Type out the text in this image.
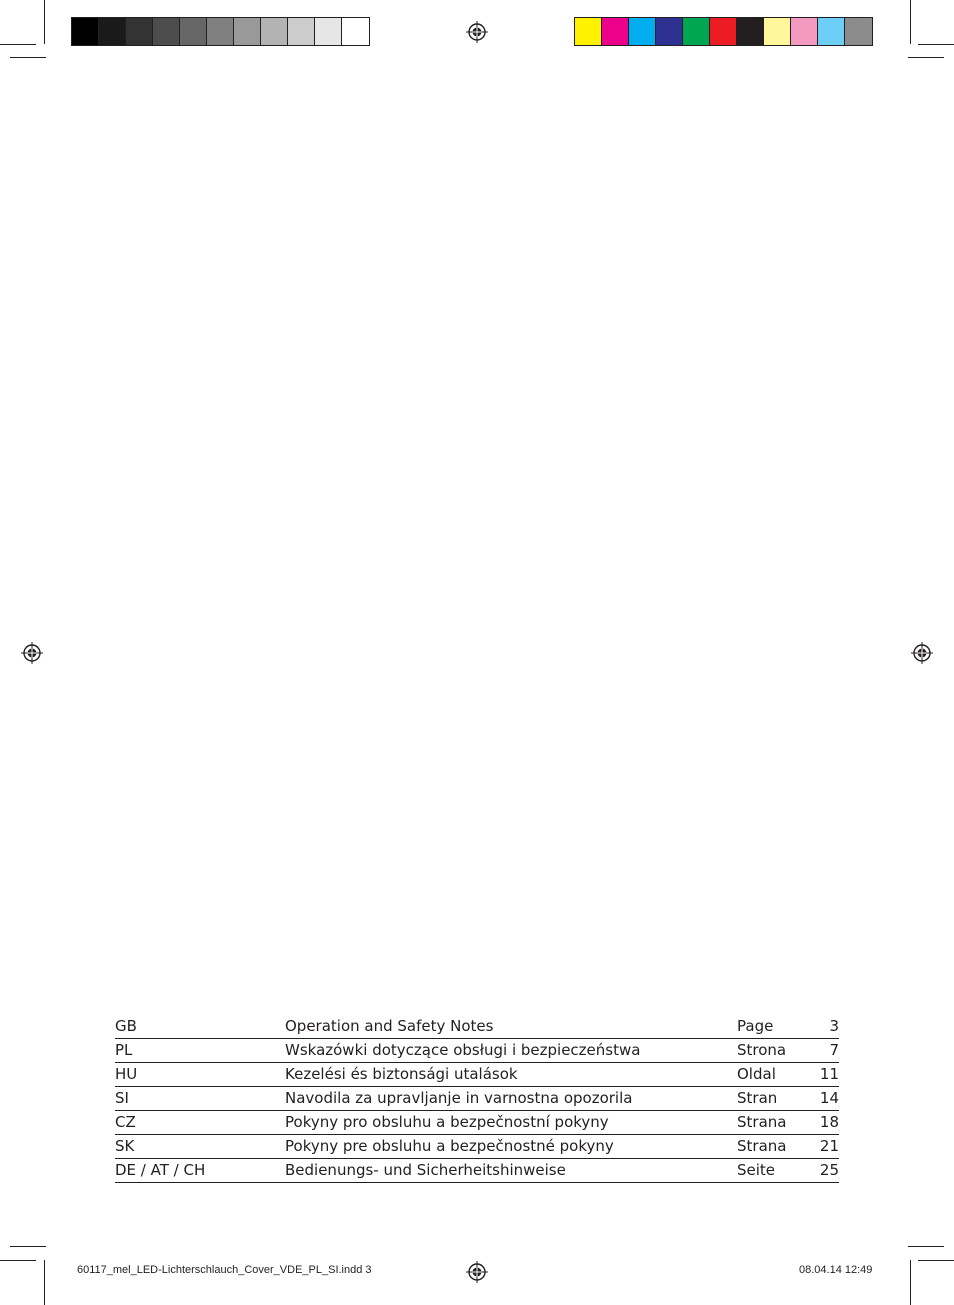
GB	Operation and Safety Notes	Page	3
PL	Wskazówki dotyczące obsługi i bezpieczeństwa	Strona	7
HU	Kezelési és biztonsági utalások	Oldal	11
SI	Navodila za upravljanje in varnostna opozorila	Stran	14
CZ	Pokyny pro obsluhu a bezpečnostní pokyny	Strana 18
SK	Pokyny pre obsluhu a bezpečnostné pokyny	Strana 21
DE / AT / CH	Bedienungs- und Sicherheitshinweise	Seite	25
60117_mel_LED-Lichterschlauch_Cover_VDE_PL_SI.indd 3	08.04.14 12:49
